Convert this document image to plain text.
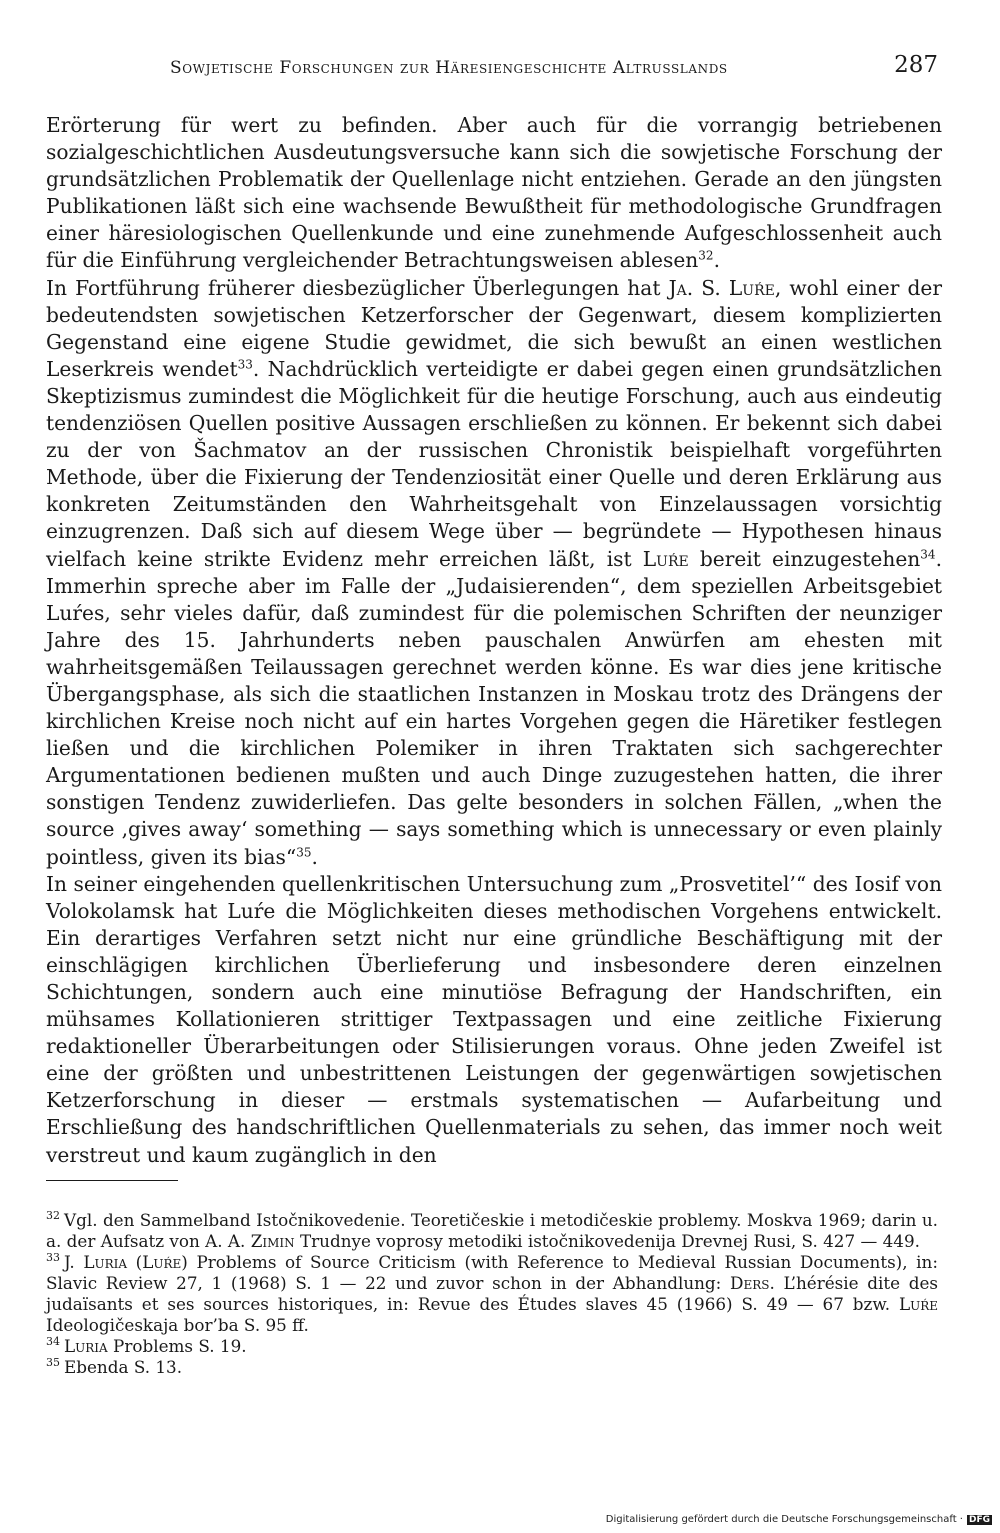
Sowjetische Forschungen zur Häresiengeschichte Altrusslands	287

Erörterung für wert zu befinden. Aber auch für die vorrangig betriebenen sozialgeschichtlichen Ausdeutungsversuche kann sich die sowjetische Forschung der grundsätzlichen Problematik der Quellenlage nicht entziehen. Gerade an den jüngsten Publikationen läßt sich eine wachsende Bewußtheit für methodologische Grundfragen einer häresiologischen Quellenkunde und eine zunehmende Aufgeschlossenheit auch für die Einführung vergleichender Betrachtungsweisen ablesen$^{32}$.

In Fortführung früherer diesbezüglicher Überlegungen hat Ja. S. Luŕe, wohl einer der bedeutendsten sowjetischen Ketzerforscher der Gegenwart, diesem komplizierten Gegenstand eine eigene Studie gewidmet, die sich bewußt an einen westlichen Leserkreis wendet$^{33}$. Nachdrücklich verteidigte er dabei gegen einen grundsätzlichen Skeptizismus zumindest die Möglichkeit für die heutige Forschung, auch aus eindeutig tendenziösen Quellen positive Aussagen erschließen zu können. Er bekennt sich dabei zu der von Šachmatov an der russischen Chronistik beispielhaft vorgeführten Methode, über die Fixierung der Tendenziosität einer Quelle und deren Erklärung aus konkreten Zeitumständen den Wahrheitsgehalt von Einzelaussagen vorsichtig einzugrenzen. Daß sich auf diesem Wege über — begründete — Hypothesen hinaus vielfach keine strikte Evidenz mehr erreichen läßt, ist Luŕe bereit einzugestehen$^{34}$. Immerhin spreche aber im Falle der „Judaisierenden“, dem speziellen Arbeitsgebiet Luŕes, sehr vieles dafür, daß zumindest für die polemischen Schriften der neunziger Jahre des 15. Jahrhunderts neben pauschalen Anwürfen am ehesten mit wahrheitsgemäßen Teilaussagen gerechnet werden könne. Es war dies jene kritische Übergangsphase, als sich die staatlichen Instanzen in Moskau trotz des Drängens der kirchlichen Kreise noch nicht auf ein hartes Vorgehen gegen die Häretiker festlegen ließen und die kirchlichen Polemiker in ihren Traktaten sich sachgerechter Argumentationen bedienen mußten und auch Dinge zuzugestehen hatten, die ihrer sonstigen Tendenz zuwiderliefen. Das gelte besonders in solchen Fällen, „when the source ‚gives away‘ something — says something which is unnecessary or even plainly pointless, given its bias“$^{35}$.

In seiner eingehenden quellenkritischen Untersuchung zum „Prosvetitel’“ des Iosif von Volokolamsk hat Luŕe die Möglichkeiten dieses methodischen Vorgehens entwickelt. Ein derartiges Verfahren setzt nicht nur eine gründliche Beschäftigung mit der einschlägigen kirchlichen Überlieferung und insbesondere deren einzelnen Schichtungen, sondern auch eine minutiöse Befragung der Handschriften, ein mühsames Kollationieren strittiger Textpassagen und eine zeitliche Fixierung redaktioneller Überarbeitungen oder Stilisierungen voraus. Ohne jeden Zweifel ist eine der größten und unbestrittenen Leistungen der gegenwärtigen sowjetischen Ketzerforschung in dieser — erstmals systematischen — Aufarbeitung und Erschließung des handschriftlichen Quellenmaterials zu sehen, das immer noch weit verstreut und kaum zugänglich in den

$^{32}$ Vgl. den Sammelband Istočnikovedenie. Teoretičeskie i metodičeskie problemy. Moskva 1969; darin u. a. der Aufsatz von A. A. Zimin Trudnye voprosy metodiki istočnikovedenija Drevnej Rusi, S. 427 — 449.

$^{33}$ J. Luria (Luŕe) Problems of Source Criticism (with Reference to Medieval Russian Documents), in: Slavic Review 27, 1 (1968) S. 1 — 22 und zuvor schon in der Abhandlung: Ders. L’hérésie dite des judaïsants et ses sources historiques, in: Revue des Études slaves 45 (1966) S. 49 — 67 bzw. Luŕe Ideologičeskaja bor’ba S. 95 ff.

$^{34}$ Luria Problems S. 19.

$^{35}$ Ebenda S. 13.

Digitalisierung gefördert durch die Deutsche Forschungsgemeinschaft · DFG
